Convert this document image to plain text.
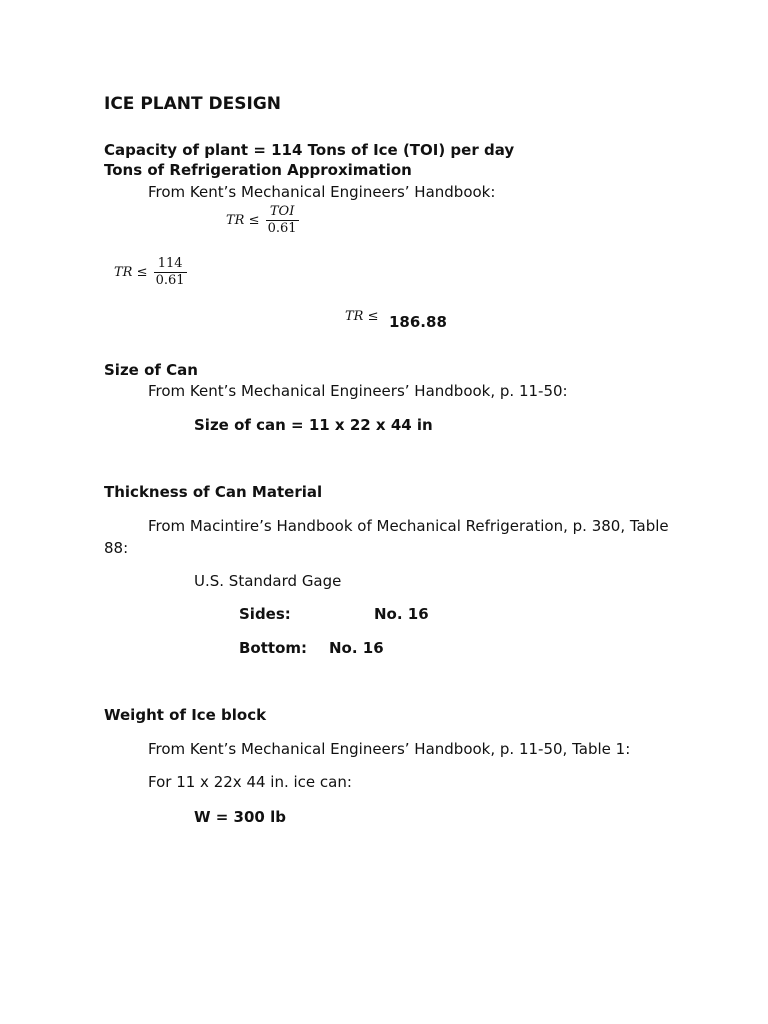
ICE PLANT DESIGN
Capacity of plant = 114 Tons of Ice (TOI) per day
Tons of Refrigeration Approximation
From Kent’s Mechanical Engineers’ Handbook:
TR ≤ $\frac{\text{TOI}}{0.61}$
TR ≤ $\frac{114}{0.61}$
TR ≤ 186.88
Size of Can
From Kent’s Mechanical Engineers’ Handbook, p. 11-50:
Size of can = 11 x 22 x 44 in
Thickness of Can Material
From Macintire’s Handbook of Mechanical Refrigeration, p. 380, Table
88:
U.S. Standard Gage
Sides:	No. 16
Bottom: No. 16
Weight of Ice block
From Kent’s Mechanical Engineers’ Handbook, p. 11-50, Table 1:
For 11 x 22x 44 in. ice can:
W = 300 lb
